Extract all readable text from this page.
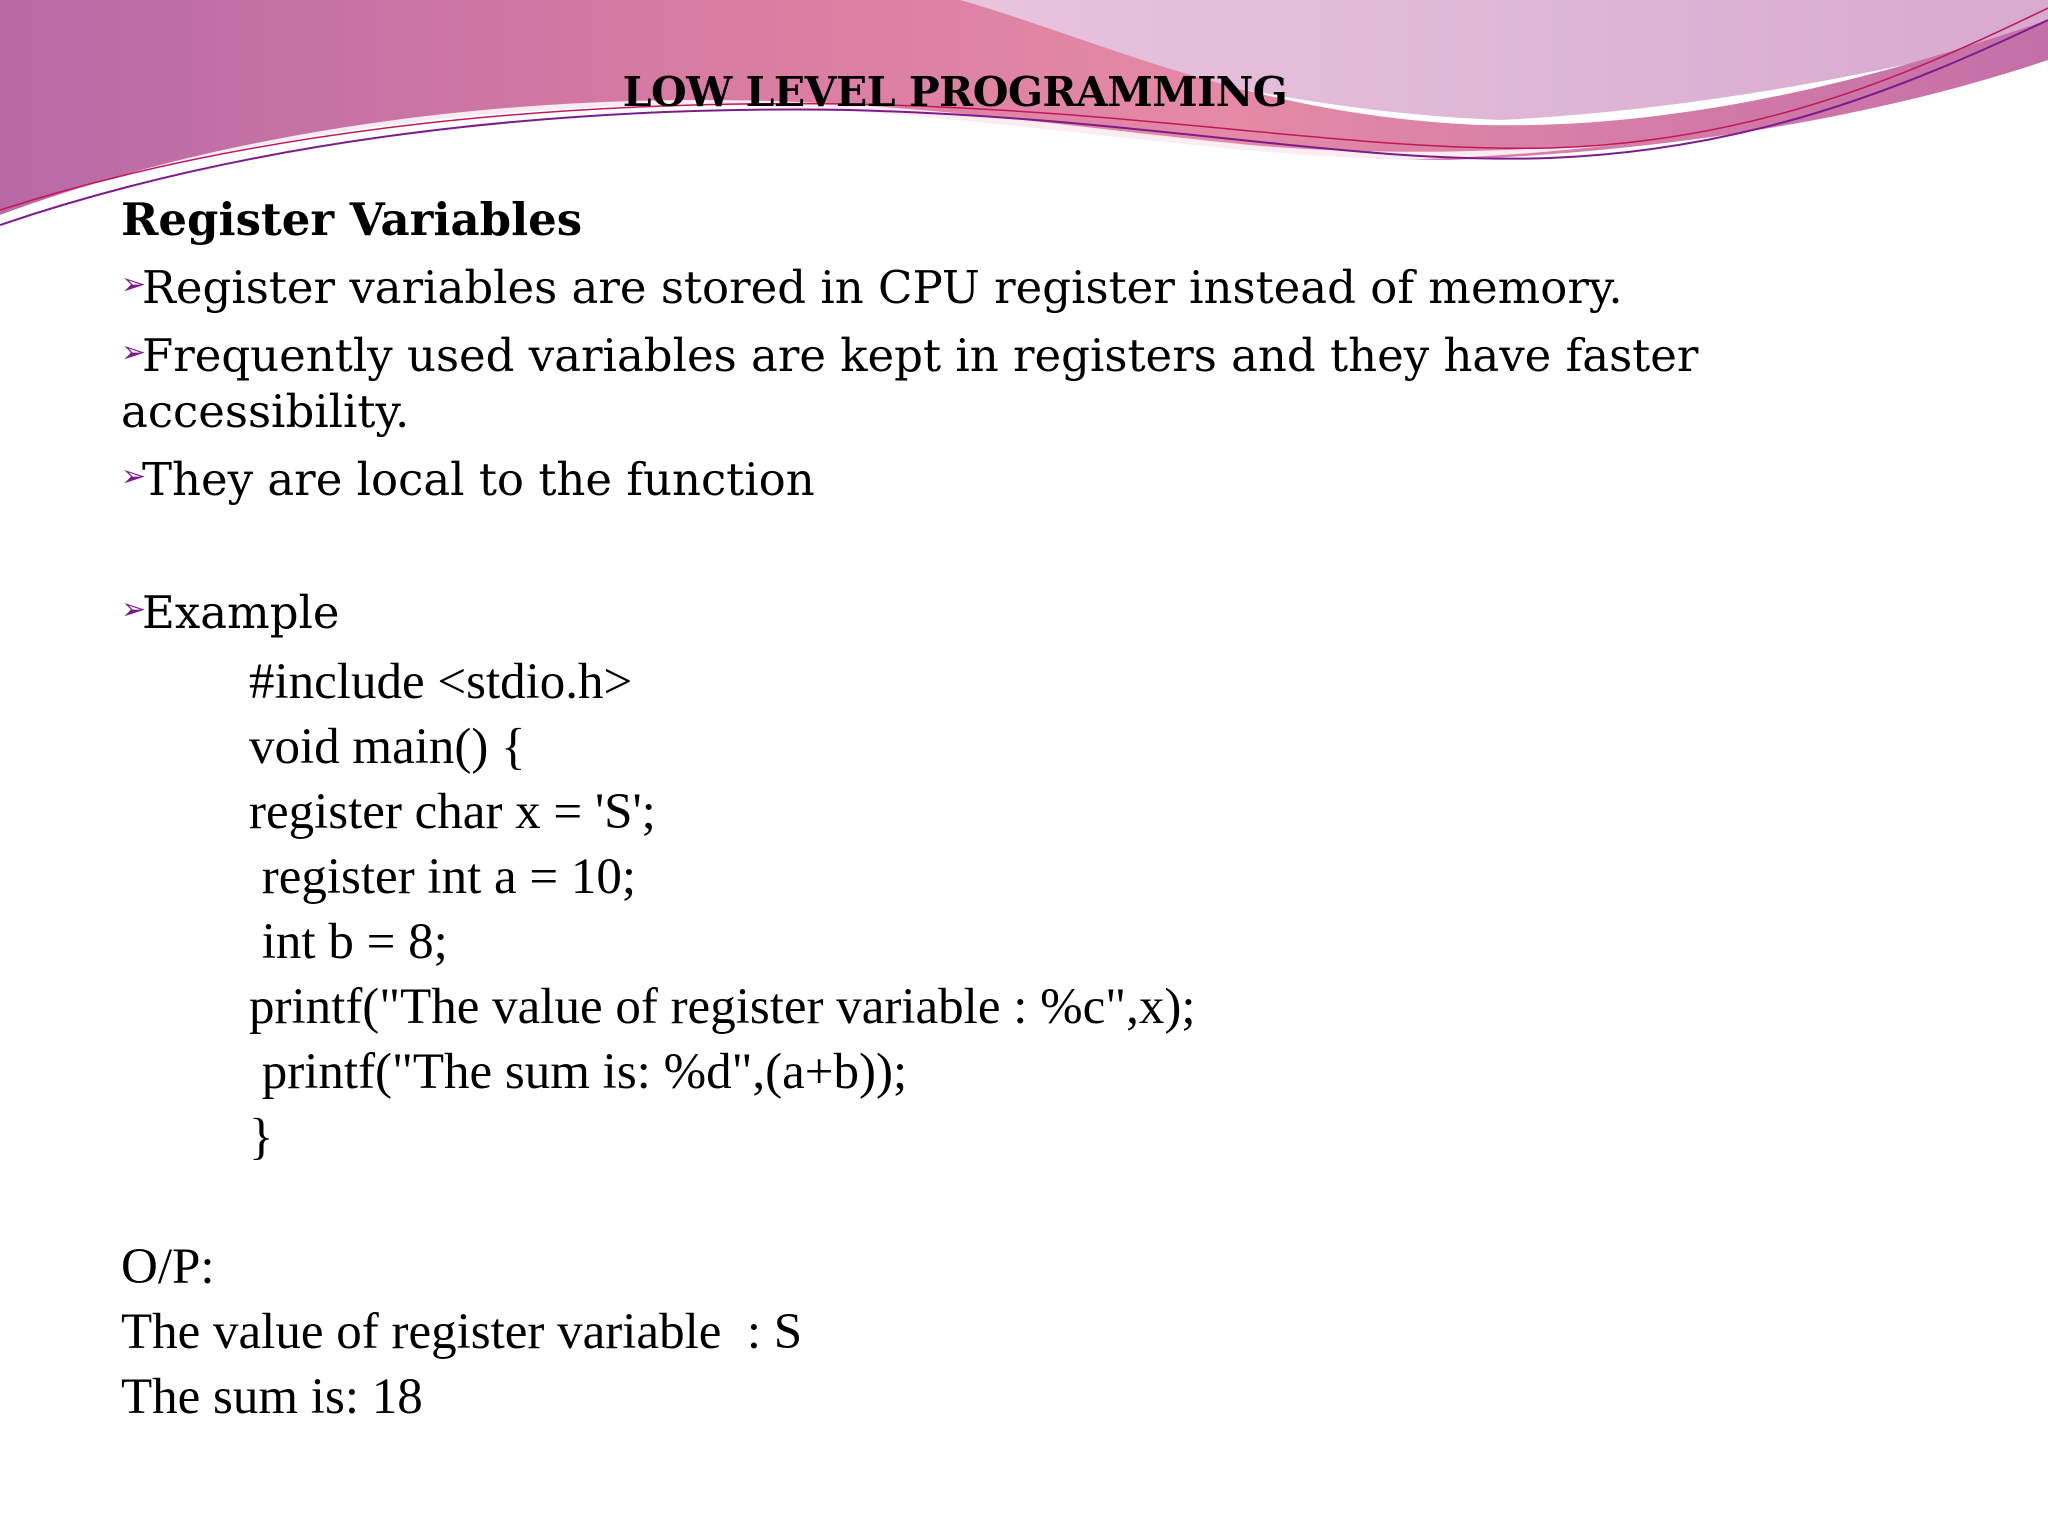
LOW LEVEL PROGRAMMING

Register Variables

➢Register variables are stored in CPU register instead of memory.

➢Frequently used variables are kept in registers and they have faster accessibility.

➢They are local to the function

➢Example

#include <stdio.h>

void main() {

register char x = 'S';

register int a = 10;

int b = 8;

printf("The value of register variable : %c",x);

printf("The sum is: %d",(a+b));

}

O/P:

The value of register variable  : S

The sum is: 18
